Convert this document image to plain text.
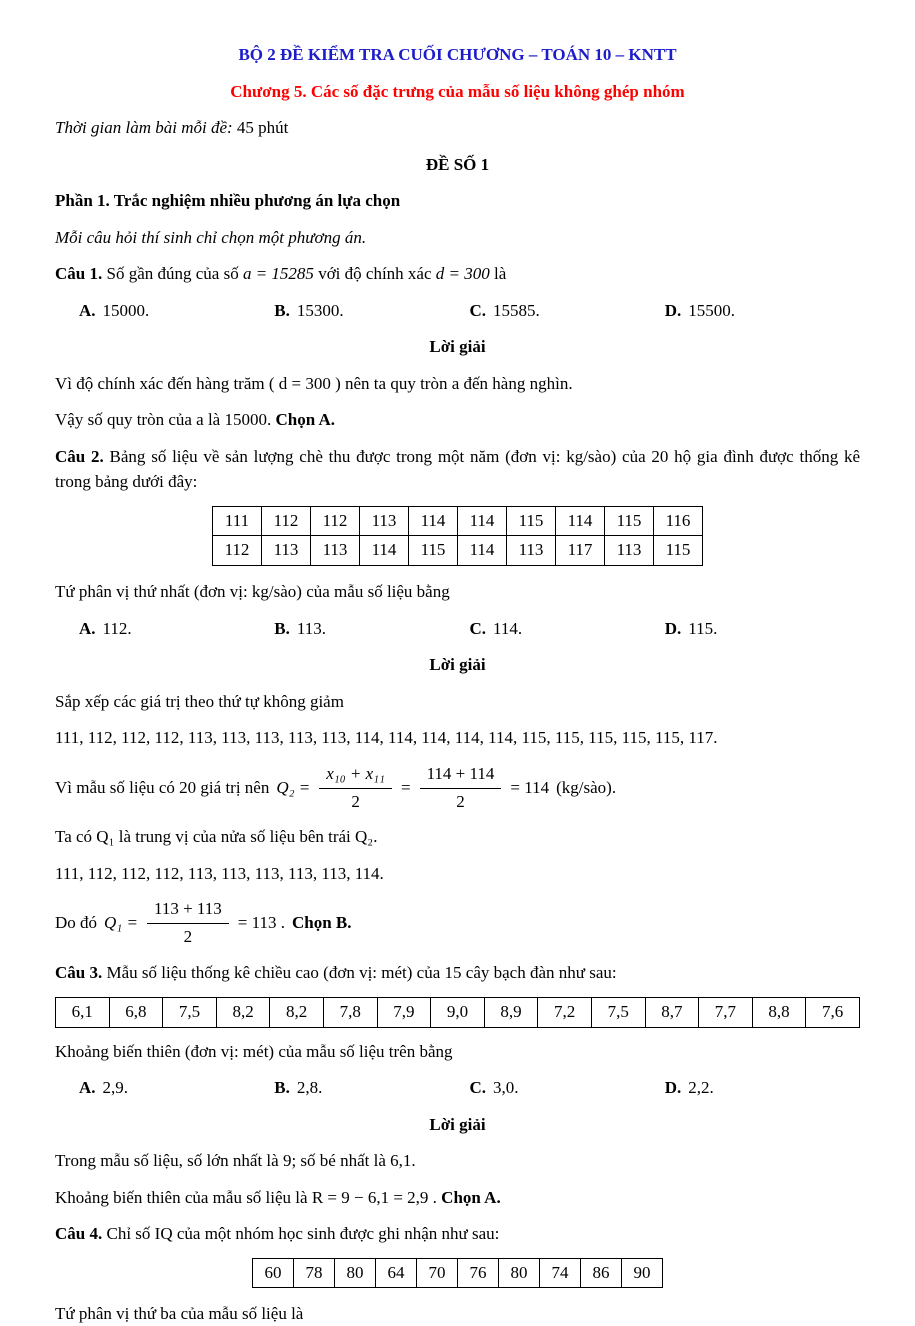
BỘ 2 ĐỀ KIỂM TRA CUỐI CHƯƠNG – TOÁN 10 – KNTT

Chương 5. Các số đặc trưng của mẫu số liệu không ghép nhóm

Thời gian làm bài mỗi đề: 45 phút

ĐỀ SỐ 1

Phần 1. Trắc nghiệm nhiều phương án lựa chọn

Mỗi câu hỏi thí sinh chỉ chọn một phương án.

Câu 1. Số gần đúng của số a = 15285 với độ chính xác d = 300 là

A. 15000.	B. 15300.	C. 15585.	D. 15500.

Lời giải

Vì độ chính xác đến hàng trăm ( d = 300 ) nên ta quy tròn a đến hàng nghìn.

Vậy số quy tròn của a là 15000. Chọn A.

Câu 2. Bảng số liệu về sản lượng chè thu được trong một năm (đơn vị: kg/sào) của 20 hộ gia đình được thống kê trong bảng dưới đây:

111	112	112	113	114	114	115	114	115	116
112	113	113	114	115	114	113	117	113	115

Tứ phân vị thứ nhất (đơn vị: kg/sào) của mẫu số liệu bằng

A. 112.	B. 113.	C. 114.	D. 115.

Lời giải

Sắp xếp các giá trị theo thứ tự không giảm

111, 112, 112, 112, 113, 113, 113, 113, 113, 114, 114, 114, 114, 114, 115, 115, 115, 115, 115, 117.

Vì mẫu số liệu có 20 giá trị nên $Q_2 = \frac{\text{x₁₀ + x₁₁}}{2} = \frac{114 + 114}{2} = 114$ (kg/sào).

Ta có Q₁ là trung vị của nửa số liệu bên trái Q₂.

111, 112, 112, 112, 113, 113, 113, 113, 113, 114.

Do đó $Q_1 = \frac{113 + 113}{2} = 113$ . Chọn B.

Câu 3. Mẫu số liệu thống kê chiều cao (đơn vị: mét) của 15 cây bạch đàn như sau:

6,1	6,8	7,5	8,2	8,2	7,8	7,9	9,0	8,9	7,2	7,5	8,7	7,7	8,8	7,6

Khoảng biến thiên (đơn vị: mét) của mẫu số liệu trên bằng

A. 2,9.	B. 2,8.	C. 3,0.	D. 2,2.

Lời giải

Trong mẫu số liệu, số lớn nhất là 9; số bé nhất là 6,1.

Khoảng biến thiên của mẫu số liệu là R = 9 − 6,1 = 2,9 . Chọn A.

Câu 4. Chỉ số IQ của một nhóm học sinh được ghi nhận như sau:

60	78	80	64	70	76	80	74	86	90

Tứ phân vị thứ ba của mẫu số liệu là
